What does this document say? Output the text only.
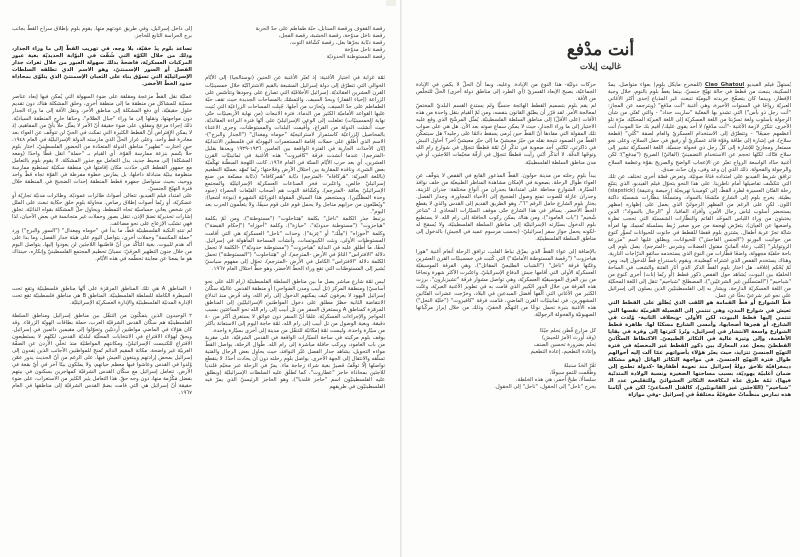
أنت مدْفع
غاليت إيلات

يُستهلّ فيلم الفيديو Ciao Ghatoul (للمخرج مايكل بلوم) بعواء متواصل، يمدّ السكينة، ينبعث من قطط في حالة تهيّج جنسيّ، بينما يغطّ بلوم بالنوم، خلال وجبة الإفطار، وبينما كان يتصفّح جريدته اليوميّة تنبعث عَبر المذياع إحدى أكثر الأغاني العبريّة رواجًا في السنوات الأخيرة، وهي أغنية "أنت مدْفع" (ويترجمه عن المجاز: "أنت رجل ذو بأس") التي تشدو بها المغنّية "ساريت حداد" - والتي تُغنّي من شأن الرجولة بأسلوب ولغة تسرّبتا من اللغة العسكريّة إلى اللغة العبريّة المحكيّة. مرّة تلو الأخرى، تتكرّر لازمة الأغنية -"أنت مدْفع/ لا أحد يقوى عليك/ أقيم بك حدّ الموت/ أنت أعظمهم جميعًا" - وتتطرّق إلى الاستخدام العسكريّ والعام لصفة "كْلي" (قطعة سلاح)، في إشارة إلى طاقة وقوّة قائد عسكريّ أو رفيق في حمل السلاح، وعلى نحو مستعار ومجازيّ للإشارة إلى كلّ رجل ذي فحولة جنسيّة. اللغة العسكريّة تشير إلى سلاح فتّاك، لكنّها تحجم عن الاستخدام التضمينيّ (الفاليّ) الصريح ("مِدفع")؛ لكن أغنية حدّاد الواسعة الرواج تعبّر عن الإعجاب الواضح والصريح بقوّة وعظمة السلاح والرجولة والفحولة. ذلك الذي إن وعد وفى، وإن حدّث صدق.

ترافق شريط الفيديو على امتداده قناةٌ صوتيّة، وتعرض قصّة أخرى تختلف عن تلك التي تتكشّف تفاصيلها أمام ناظرينا. على هذا النحو يتحوّل فيلم الفيديو، الذي يتتبّع رحلة الفنّان العسيرة لطرد القطّ، إلى كوميديا تهريجيّة (رخيصة وعنيفة) (slapstick) بطيئة. يخرج بلوم إلى الشارع متّشحًا بالسواد، ومتسلّحًا بنظّارات شمسيّة داكنة اللون. لكن على الرغم من المظهر الرجوليّ الذي يعمل على إظهاره (مظهر يستحضر أسلوب لباس رجال الأمن، وأفراد المافيا، أو "الرجال بالسواد": الذين يختبئون من وراء اللباس الموحّد القاتم والنظّارات الشمسيّة التي تحجب نظرة واضعيها عن العيان)، يتعرّض لهجمة من جرو صغير رُبط بسلسلة تُمسِك بها امرأة شابّة تجرّ عربة أطفال. يشتري بلوم قفصًا للقطط في حانوت للحيوانات تُسوِّر كنوع من حوانيت البورنو ("الجنس الفاحش") للحيوانات، ويطلق عليها اسم "مزرعة الروتوايلر" (كلب رعاة ألمانيّ مفتول العضلات وشرس -المترجم). يصل بلوم إلى باحة خلفيّة مجهولة، واضعًا قطّارات من النوع الذي يستخدمه سائقو الدرّاجات النارية، وهناك يستخدم القفص الذي اشتراه كمِصْيدة، ويقوم باستدراج قطّ للدخول إليه، ومن ثَمّ يُحْكِم إغلاقه. هل اختار بلوم القطّ الذكر الذي أثار الفتنة والشغب في الساحة الخلفيّة بين البيوت، يُشاهَد حول القفص ذكور قطط (أو ربّما إناث) أخرى كنوع من "شباحيم" ("المتسلّلين غير الشرعيّين")، المصطلح "شباحيم" تنقل إلى اللغة المحكيّة من اللغة العسكريّة الدارجة، ويشار به إلى الفلسطينيّين الذين يصلون إلى إسرائيل على نحو غير شرعيّ بحثًا عن عمل.

قطّ الشوارع أو قطّ القمامة هو اللقب الذي يُطلَق على القطط التي تعيش في شوارع المدن، وهي تنتمي إلى الفصيلة القرميّة نفسها التي تنتمي إليها قطط البيوت، لكن الأولى -وبخلاف الثانية- وُلدت في الشارع، أو هجرها أصحابها، وأمسى الشارع مسكنًا لها. ظاهرة قطط الشوارع واسعة الانتشار في إسرائيل، وتُردّ كثرتها إلى وفرة في بقايا الأطعمة، وإلى وتيرة عالية في التكاثر الطبيعيّ. الاكتظاظ السكّانيّ القططيّ يجعل عدد المعارك بين ذكور القطط غير المخصيّة في فترة التهيّج الجنسيّ تتزايد، حيث يعبّر هؤلاء بأصواتهم عمّا آلت إليه أحوالهم طوال فترة التهيّج الجنسيّ. في مواجهة التكاثر الهائل (وهو مشكلة ديمغرافيّة تلاحق دولةً إسرائيل منذ نعومة أظفارها -كدولة تطمح إلى ضمان أغلبيّة يهوديّة، بسبب مساحتها الصغيرة ونسبة الولادة المتدنّية فيها)، ثمّة طرق عدّة لمكافحة التكاثر العشوائيّ وللتقليص عدد الـ "شباحيم" (اللاجئين غير القانونيّين)، كالقتل الجماعيّ؛ لكن في أيّامنا هذه تمارس منظّماتٌ حقوقيّةٌ مختلفةٌ في إسرائيل -وفي موازاة

حركات دوليّة- هذا النوع من الإبادة. وعليه، وبما أنّ الحلّ لا يكمن في الإبادة الجماعيّة، يصبح الإبعاد القسريّ (أي الطرد إلى مناطق دولة أخرى) الحلّ للتخلّص من الآفة.

لم يقم بلوم بتسميم القطط الهائجة جنسيًّا ولم يستدعِ القسم البلديّ المختصّ لمعالجة الأمر. لقد قرّر أن يطبّق القانون بنفسه، ومن ثَمّ القيام بنقل واحدة من هذه الآفات (على الأقلّ) إلى مناطق السلطة الفلسطينيّة. يُمثّل المرشّح الذي وقع عليه الاختيار إلى ما وراء الجدار، حيث لا يمكن سماع صوته بعد الآن. هل هي على صواب تلك المقولة التي مفادها أنّ القطّ حين يُرمى يسقط دائمًا على رجليه؟ هل سيتمكّن القطّ من الصمود نتيجة نقله من حيّز معيشيّ ما إلى حيّز معيشيّ آخر؟ أحاول النبش في ذاكرتي، لكنّني أجد صعوبة في تذكّر أنّ ثمّة قططًا تتجوّل في شوارع رام الله وتوحّها الدفّة. لا أتذكّر أنّني رأيت قططًا تتجوّل في أزقّة مخيّمات اللاجئين، أو في مدن مناطق السلطة الفلسطينيّة.

يبدأ بلوم رحلته من مدينة حولون. القطّ المذعور القابع في القفص لا يتوقّف عن العواء طُوال الرحلة. بصعوبة في الإمكان مشاهدة المناظر الطبيعيّة من خلف نوافذ السيّارة. الشوارع محاطة على امتدادها بجدران من أنواع مختلفة: جدران للزينة، وجدران عازلة للصوت تمنع وصول الضجيج إلى الأحياء المجاورة، وجدار الفصل. يختار بلوم الشارع حامل الرقم "٦"، وهو الطريق القديم إلى القدس والذي لا يقطع الخطّ الأخضر. يسافر في هذا الشارع حتّى موقف السيّارات المحاذي لـ "شاعر شْخيم" ("باب العامود")، ومن هناك يمكن ركوب الحافلة إلى رام الله. لا يستطيع بلوم الدخول بسيّارته الإسرائيليّة إلى مناطق السلطة الفلسطينيّة، ولا يُسمَح له -لكونه يحمل جواز سفر إسرائيليّ- (بحسب مرسوم عميد في الجيش) بالدخول إلى مناطق السلطة الفلسطينيّة.

بالإضافة إلى عواء القطّ الذي يمزّق نياط القلب، ترافق الرحلة أنغام أغنية "هورا هياحزوت" ("رقصة المستوطنة الأماميّة") التي كُتبت في خمسينيّات القرن العشرين وغنّتها فرقة "ناحَل" ("الشباب الطليعيّ المقاتل")، وهي الفرقة الموسيقيّة العسكريّة الأولى التي أقامها جيش الدفاع الإسرائيليّ، واعتُبرت الأكثر شهرة ونجاحًا من بين الفرق الموسيقيّة العسكريّة، وهي تواصل مشوار فرقة "تشيزبارون". برزت هذه الفرقة من خلال الدور الكبير الذي قامت به في تطوير الأغنية العبريّة، وغنّت الكثير من الأغاني التي ألّفها أفضل المبدعين في البلاد، وخرّجت عشرات الفنّانين المشهورين. في ثمانينيّات القرن الماضي، قدّمت فرقة "كافيروت" ("خليّة النحل") هذه الأغنية بنبرة تحمل نوعًا من التهكّم الخفيّ، وذلك من خلال إبراز مركّباتها الصهيونيّة والفحولة الرجوليّة.

كل مزارع قُطن يَحلم جيّدًا
(وقد أورث الأمرَ للجيش)
يَحلم بضرورة تحسين الصنف
وإعادة التطعيم، إعادة التطعيم
تَقُرّ الحَدُ سنبلةً
وطُعّمت للتمو سيوفًا،
سلسالًا، طيخٌ أحمر، هي هذه الخلطة،
يخرج "ناحل" إلى الحقول، "ناحل" إلى الحقول.
رقصة القفوف ورقصة السنابل، حبّة طماطم على حدّ الحربة
رقصة ناحَل مدوّخة، رقصة الخشبة، رقصة الفجل،
رقصة دبّابة بجرّها بغل، رقصة كشّافة التوت،
رقصة ناحل مدوّخة
رقصة المستوطنة الحدوديّة

ثمّة غرابة في اختيار الأغنية: إذ تُعبّر الأغنية عن الحنين (نوستالجيا) إلى الأيّام الخوالي التي تتطرّق إلى دولة إسرائيل المشبعة بالقيم الاشتراكيّة خلال خمسينيّات القرن العشرين العقائديّة. إسرائيل الأخلاقيّة التي تصارع على وجودها وتتأسّس على الزراعة (إحياء القفار) وبحدّ السيف، والتمسّك بالمساحات الجديدة حيث تقف حبّة الطماطم على حدّ السيف، ويُحارَب من أجلها. جُبِلت المساحات الزراعيّة التي بُنيت عليها القواعد الأماميّة الكثير من الدماء. فترة الانبعاث (من نهاية الأربعينيّات حتّى نهاية الخمسينيّات) تغلغلت إلى الوعي الإسرائيليّ على أنّها فترة البراءة العقائديّة، حيث أُنشئت الدولة من الفراغ، وأُقيمت البلدات والمستوطنات، وجرى الاعتناء بالمحاصيل الزراعيّة كاستمرار لاستراتيجيّة "حوماه ومِغدال" ("الجدار والبرج")- الاسم الذي أُطلق على حملات إقامة المستعمرات اليهوديّة في فلسطين الانتدابيّة إبّان الأحداث الجارية في الفترة الواقعة بين العامين ١٩٣٦-١٩٣٩ وبعدها بقليل -المترجم). عندما أنشدت فرقة "كافيروت" هذه الأغنية في ثمانينيّات القرن العشرين، أي بعد حرب الأيّام الستّة في العام ١٩٦٧، كانت اللهجة المبطّنة تهكّميّة بعض الشيء، وناقدة للمقاربة بين احتلال الأرض وفلاحتها؛ ربّما تُمهّد بعمليّة التطعيم (باللغة العبريّة: "هَركافاه" -المترجم) دبّابة "هَمركافاه" (دبّابة مصنّعة من صنع إسرائيليّ خالص، واعتُبرت فخر الصناعات العسكريّة الإسرائيليّة والمجتمع الإسرائيليّ بعامّة -المترجم)، وكشّافة التوت هم أصحاب القبّعات الحمراء (جنود وحدة المظلّيّين). ويستحضر هذا السياق المقولة التوراتيّة الشهيرة (نبوءة أشعيا): "ويُطبّعون من حرابهم مناجل ولا يحمل قوم على قوم سيفًا، ولا يتعلّمون الحرب بعد اليوم".

يرتبط جذر الكلمة "ناحَل" بكلمة "هِتناحلوت" ("مستوطنة")، ومن ثَمّ بكلمة "هياحزوت" ("مستوطنة حدوديّة"، "حيازة")، وكلمة "أحوزاه" ("إحكام القبضة") وكلمة "أحوزاه" ("مِلْك" أو "عِزبة"). وحدات "ناحل" العسكريّة هي التي أقامت المستوطنات الأولى، وبنَت الكيبوتسات، وأنشأت المساحة المأهولة في إسرائيل. لَحقًا، ما أُطلق عليه في البداية "هياحزوت" ("مستوطنة حدوديّة") -الكلمة لا تحمل دلالة "الافتراس" التامّ في الأرض -المترجم)، أي "هِتناحلوت" ("المستوطنة") تحمل الكلمة دلالة "الافتراس" الكامل في الأرض -المترجم)، تحوّل إلى مفهوم سياسيّ يُشير إلى المستوطنات التي تقع وراء الخطّ الأخضر، وهو خطّ احتلال العام ١٩٦٧.

ليس ثمّة شارع مباشر يصل ما بين مناطق السلطة الفلسطينيّة (رام الله على نحو أساسيّ) ومنطقة المركز (تل أبيب ومدن الضواحي) أو منطقة القدس. غالبيّة سكّان إسرائيل اليهود لا يعرفون كيف يمكنهم الدخول إلى رام الله، وقد فُرض منذ اندلاع الانتفاضة الثانية حظرٌ مطلق على دخول المواطنين الإسرائيليّين إلى المناطق المرمّزة كمناطق A ويستغرق السفر من تل أبيب إلى رام الله نحو الساعتين بسبب الحواجز والإجراءات العسكريّة، علمًا أنّ السفر دون عوائق لا يستغرق أكثر من ٤٠ دقيقة. وبغية الوصول من تل أبيب إلى رام الله، ثمّة حاجة اليوم إلى الاستعانة بأكثر من سيّارة واحدة، وليست ثمّة إمكانيّة للتنقّل من مدينة إلى أخرى بسيّارة واحدة.

يوقف بلوم مركبته في ساحة السيّارات الواقعة في القدس الشرقيّة، على مقربة من باب العامود، ويركب حافلة مباشرة إلى رام الله. طُوال الرحلة، يواصل القطّ مواءه التحويل، يشاهد جدار الفصل عَبْر النوافذ، حيث يحاول بعض الرجال والفتية تسلّقه والانتقال إلى الجهة الأخرى. يواصل بلوم رحلته دون أن يحادث أحدًا. لا ينقطع تواصلها إلّا توقّفٌ قصيرٌ بغية شراء زجاجة ماء. يمرّ في الرحلة عبر مخيّم قلنديا للاجئين بمحاذاة حاجز "عطاروت"، كما تُطلَق عليه السلطات الإسرائيليّة (ويطلق عليه الفلسطينيّون اسم "حاجز قلنديا")، وهو الحاجز الرئيسيّ الذي يمرّ فيه الفلسطينيّون في طريقهم

إلى داخل إسرائيل، وفي طريق عودتهم منها. يقوم بلوم بإطلاق سراح القطّ بجانب برج الحراسة التابع للحاجز.

تساعد بلوم يدٌ خفيّة، بلا وجه، في تهريب القطّ إلى ما وراء الجدار، وذلك من خلال الكوّة التي شُقّت في البوّابة الحديديّة بغية عبور المركبات العسكريّة، فاضحةً بذلك سهولة العبور من خلال ثغرات جدار الفصل أو السور الإسمنتيّ، وهو الاسم الذي تطلقه السلطات الإسرائيليّة التي تسوّق بناء على الثعبان الإسمنتيّ الذي يتلوّى بمحاذاة حدود الخطّ الأخضر.

عمليّة نقل القطّ مزعجة ومقلقة على ضوء السهولة التي يُمكن فيها إبعاد عناصر مسبّبة للمشاكل من منطقة ما إلى منطقة أخرى، وخلق المشكلة هناك دون تقديم حلول حقيقيّة، أي دفع المشكلة إلى مناطق الآخر، ونقل الآفة إلى ما وراء الجدار دون مواجهتها، ونقلها إلى ما وراء "جبال الظلام"، وحدّها خارج المنطقة السياديّة. ذلك إجراء مزعج ومقلق، على ضوء حقيقة أنّ الأمر لا يمثّل حلاًّ بأيّ من المفاهيم. إذ لا يمكن الافتراض أنّ القطط الكثيرة التي تمكث في الحيّ لن تتوقّف عن العواء بعد مغادرة قطٍّ واحد. وعلى غرار الحلّ الذي مارسته الدولة الإسرائيليّة في العام ١٩٤٨، حين اختارت "تطهير" مناطق الدولة المتعدّدة من الحضور الفلسطينيّ، اختار بلوم حلاًّ يتّسم بنزعة ممارسة القوّة. أي القيام بـ "حملة" انقل قطًّا واحدًا (ومعه المشكلة) إلى محيط جديد، بدل التعامل مع جذور المشكلة. لا يقوم بلوم بالتعامل مع جمهور القطط التي حدّدت مكان إقامتها في منطقة سكنيّة تستطيع ممارسة منظومة بيئيّة متبادلة داخلها، بل يمارس خطوة مفرطة في القوّة تجاه قطّ واحد ووحيد، بحيث ستواصل جمهرة قطط المنطقة إحداث الضجيج في المنطقة خلال فترة التهيّج الجنسيّ.

على امتداد فيلم الفيديو، تتعالى أصواتُ طائرات عموديّة، وطائرات مدنيّة تجاريّة أو عسكريّة، أو ربّما أصوات إطلاق رصاص. محاولة بلوم خلق حكاية تبعث على الملل عن شخص يعاني حساسيّة تجاه التمطط، ويحاول حلّ المشكلة بقواه الذاتيّة، تخلق إشارات تحذيريّة تضمّ الإذن، تنقل بصور وحملات غير متجانسة في بعض الأحيان، لذا فهي تشبّب الإزعاج على نحو مضاعَف.

لم تنتهِ النكبة الفلسطينيّة قطّ، ما بدأ في "حوماه ومِغدال" ("السور والبرج") ورد "حملة المكنسة" وحملات أخرى، يتواصل اليوم على هيئة جدار الفصل، وما بدا على أنّه هدم للبيوت، بغية التأكّد من أنّ قاطنيها اللاجئين لن يعودوا إليها، يتواصل اليوم من خلال جنون التطهير العرقيّ: نسيانٌ تحطيم المجتمع الفلسطينيّ وإنكاره، حينذاك هو ما يمعنا عن معاينة تحطّمه في هذه الأيّام.

١المناطق A هي تلك المناطق المرمّزة على أنّها مناطق فلسطينيّة وتقع تحت السيطرة الكاملة للسلطة الفلسطينيّة. المناطق B هي مناطق فلسطينيّة تقع تحت الإدارة المدنيّة الفلسطينيّة والإدارة العسكريّة الإسرائيليّة.

٢الوحيدون الذين يتمكّنون من التنقّل بين مناطق إسرائيل ومناطق السلطة الفلسطينيّة هم سكّان القدس الشرقيّة العرب، حملة بطاقات الهويّة الزرقاء. وقد كان هؤلاء في الماضي مواطنين أردنيّين وتحوّلوا إلى مقيمين دائمين في إسرائيل. ويحقّ لهؤلاء الاقتراع في الانتخابات المحلّيّة لبلديّة القدس، لكنّهم لا يستطيعون الاقتراع للكنيست الإسرائيليّ، ومكانتهم المواطنيّة منذ تخلّي الأردن عن الضفّة الغربيّة غير واضحة. مكانة المقيم الدائم تُمنح للمواطنين الأجانب الذين يَفدون إلى إسرائيل بمحض إرادتهم ويبتغون العيش فيها. على الرغم من أنّ الحديث يدور عمّن وُلدوا في القدس وعاشوا فيها معظم حياتهم، ولا يملكون بيتًا آخر في أيّ بقعة في الأرض. تتعامل إسرائيل مع سكّان القدس الشرقيّة كمهاجرين يسكنون في بيتهم بفضل مَكْرُمة منها، دون وجه حقّ. هذا التعامل يثير الكثير من الاستغراب، على ضوء حقيقة أنّ إسرائيل هي التي قامت بضمّ القدس الشرقيّة إلى مناطقها في العام ١٩٦٧.
